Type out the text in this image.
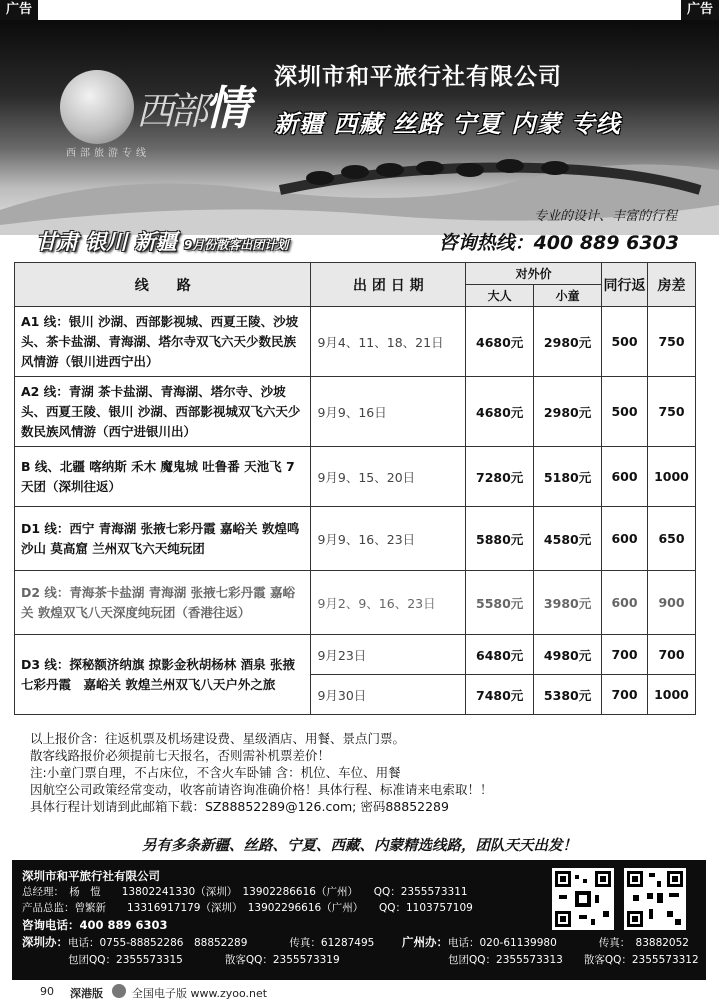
广告	广告
西部情
西部旅游专线
深圳市和平旅行社有限公司
新疆 西藏 丝路 宁夏 内蒙 专线
甘肃 银川 新疆 9月份散客出团计划
专业的设计、丰富的行程
咨询热线：400 889 6303
线　　路	出 团 日 期	对外价		同行返	房差
		大人	小童		
A1 线：银川 沙湖、西部影视城、西夏王陵、沙坡头、茶卡盐湖、青海湖、塔尔寺双飞六天少数民族风情游（银川进西宁出）	9月4、11、18、21日	4680元	2980元	500	750
A2 线：青湖 茶卡盐湖、青海湖、塔尔寺、沙坡头、西夏王陵、银川 沙湖、西部影视城双飞六天少数民族风情游（西宁进银川出）	9月9、16日	4680元	2980元	500	750
B 线、北疆 喀纳斯 禾木 魔鬼城 吐鲁番 天池飞 7天团（深圳往返）	9月9、15、20日	7280元	5180元	600	1000
D1 线：西宁 青海湖 张掖七彩丹霞 嘉峪关 敦煌鸣沙山 莫高窟 兰州双飞六天纯玩团	9月9、16、23日	5880元	4580元	600	650
D2 线：青海茶卡盐湖 青海湖 张掖七彩丹霞 嘉峪关 敦煌双飞八天深度纯玩团（香港往返）	9月2、9、16、23日	5580元	3980元	600	900
D3 线：探秘额济纳旗 掠影金秋胡杨林 酒泉 张掖七彩丹霞　嘉峪关 敦煌兰州双飞八天户外之旅	9月23日	6480元	4980元	700	700
	9月30日	7480元	5380元	700	1000
以上报价含：往返机票及机场建设费、星级酒店、用餐、景点门票。
散客线路报价必须提前七天报名，否则需补机票差价！
注:小童门票自理，不占床位，不含火车卧铺 含：机位、车位、用餐
因航空公司政策经常变动，收客前请咨询准确价格！具体行程、标准请来电索取！！
具体行程计划请到此邮箱下载：SZ88852289@126.com; 密码88852289
另有多条新疆、丝路、宁夏、西藏、内蒙精选线路，团队天天出发！
深圳市和平旅行社有限公司
总经理：　杨　愷　　13802241330（深圳）　13902286616（广州）　　QQ：2355573311
产品总监：曾繁新　　13316917179（深圳）　13902296616（广州）　　QQ：1103757109
咨询电话：400 889 6303
深圳办：电话：0755-88852286　88852289　　　　传真：61287495
包团QQ：2355573315　　　　散客QQ：2355573319
广州办：电话：020-61139980　　　　传真：　83882052
包团QQ：2355573313　　散客QQ：2355573312
90 深港版	全国电子版 www.zyoo.net
